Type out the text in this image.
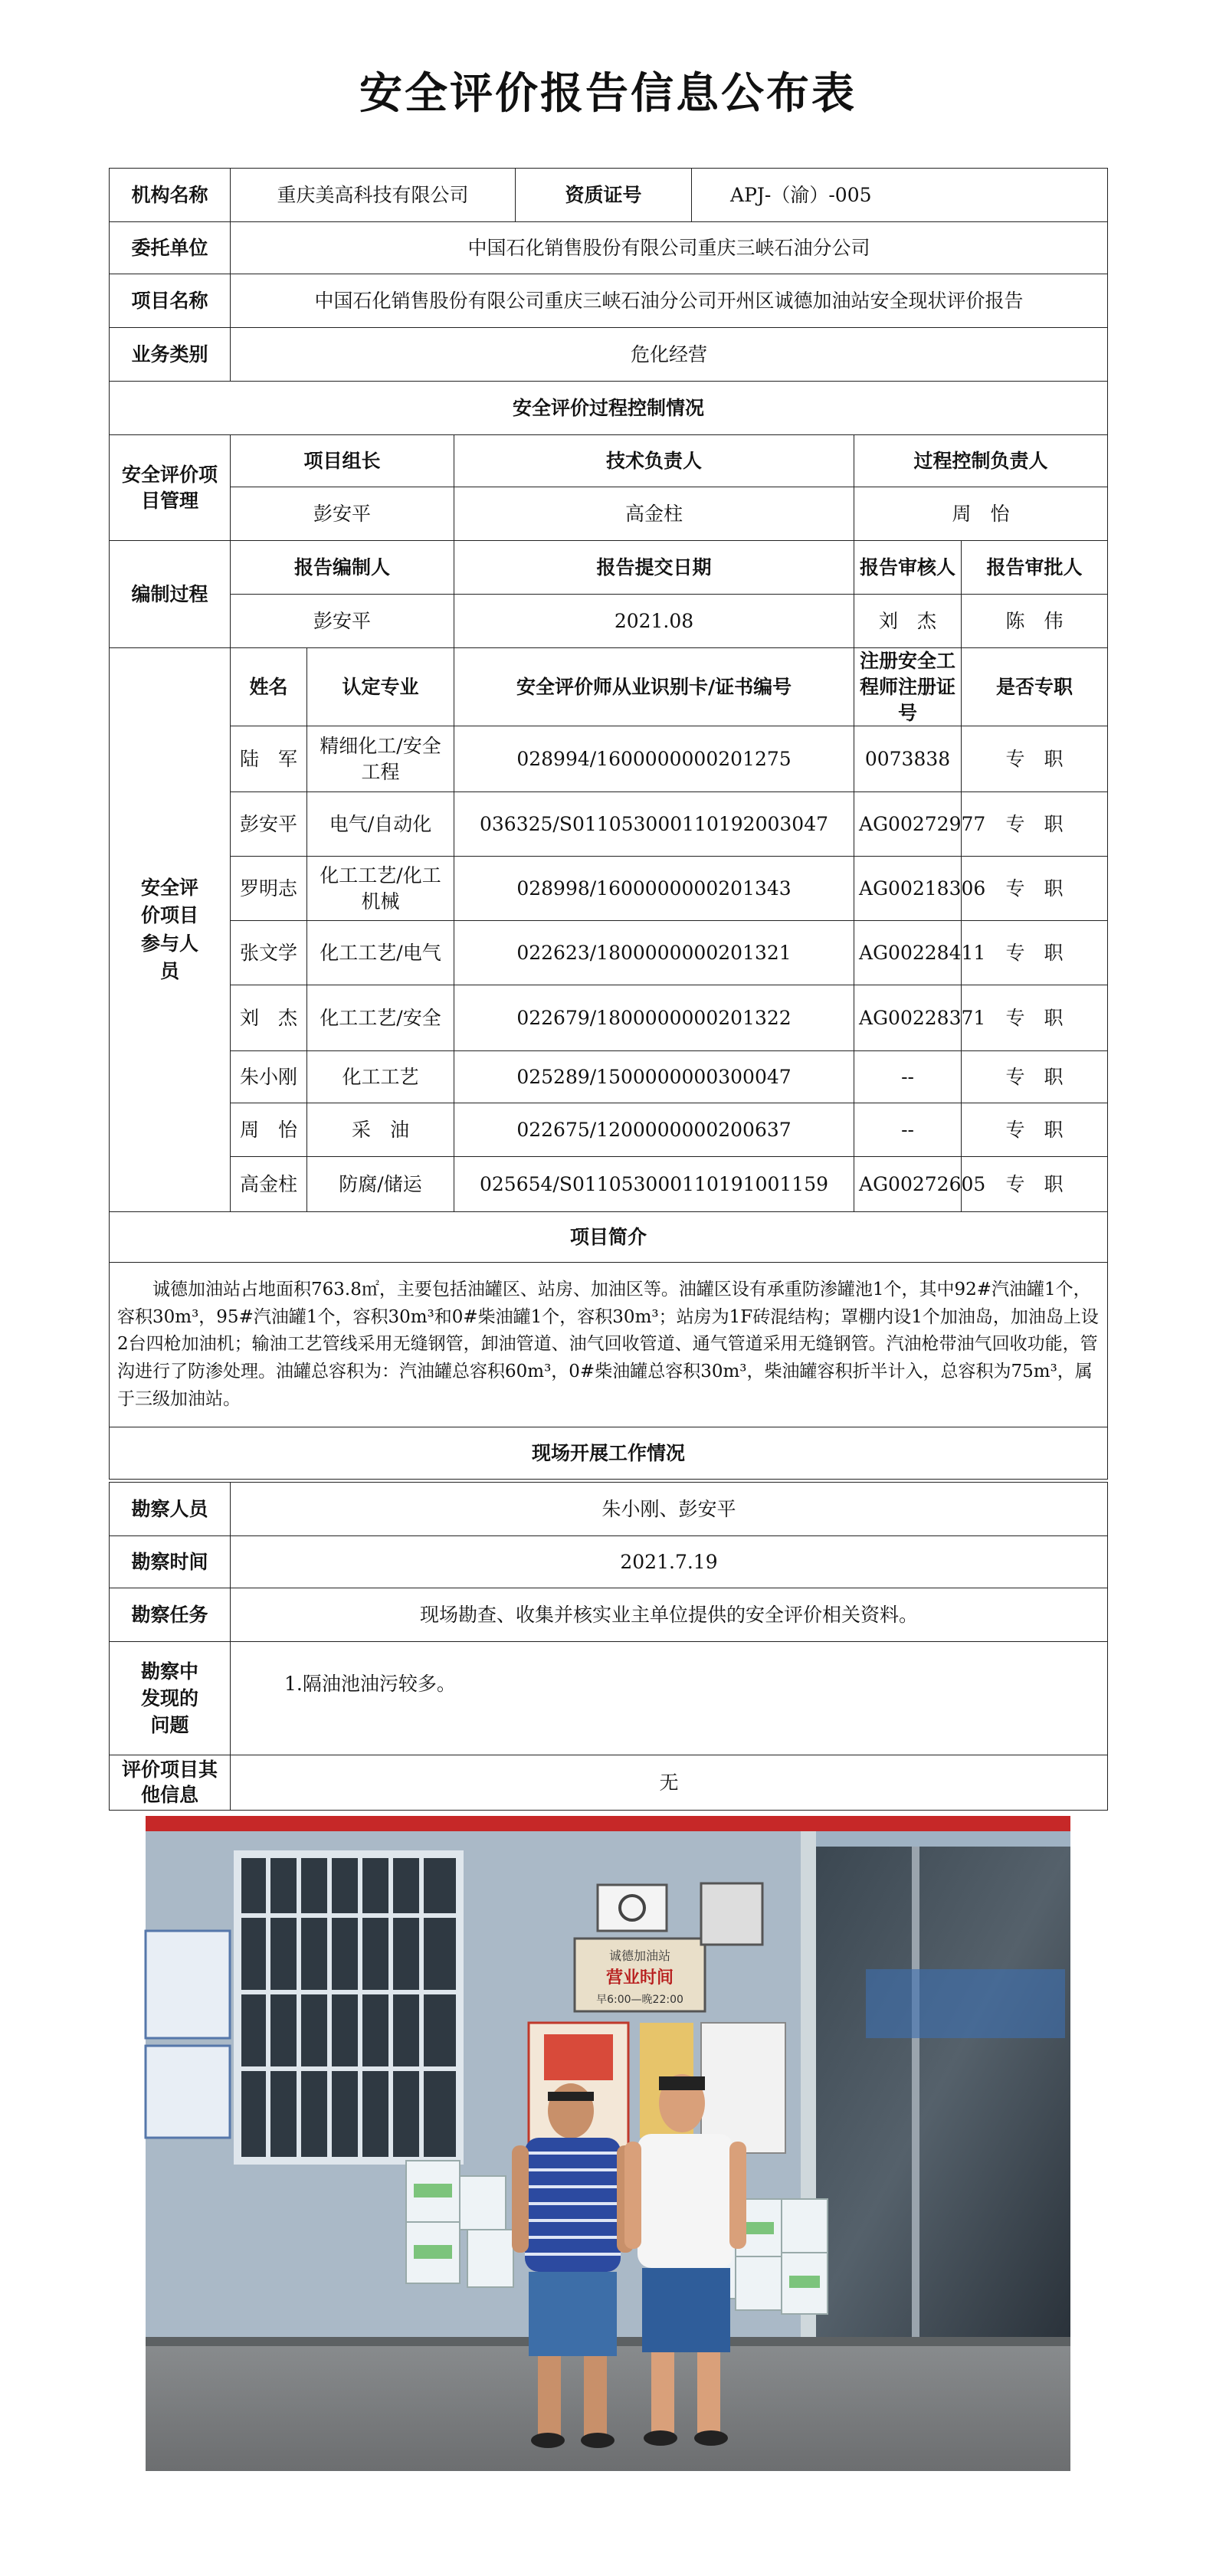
安全评价报告信息公布表
机构名称	重庆美高科技有限公司			资质证号	APJ-（渝）-005		
委托单位	中国石化销售股份有限公司重庆三峡石油分公司						
项目名称	中国石化销售股份有限公司重庆三峡石油分公司开州区诚德加油站安全现状评价报告						
业务类别	危化经营						
安全评价过程控制情况							
安全评价项目管理	项目组长		技术负责人			过程控制负责人	
	彭安平		高金柱			周　怡	
编制过程	报告编制人		报告提交日期			报告审核人	报告审批人
	彭安平		2021.08			刘　杰	陈　伟
安全评价项目参与人员	姓名	认定专业	安全评价师从业识别卡/证书编号			注册安全工程师注册证号	是否专职
	陆　军	精细化工/安全工程	028994/1600000000201275			0073838	专　职
	彭安平	电气/自动化	036325/S011053000110192003047			AG00272977	专　职
	罗明志	化工工艺/化工机械	028998/1600000000201343			AG00218306	专　职
	张文学	化工工艺/电气	022623/1800000000201321			AG00228411	专　职
	刘　杰	化工工艺/安全	022679/1800000000201322			AG00228371	专　职
	朱小刚	化工工艺	025289/1500000000300047			--	专　职
	周　怡	采　油	022675/1200000000200637			--	专　职
	高金柱	防腐/储运	025654/S011053000110191001159			AG00272605	专　职
项目简介							

诚德加油站占地面积763.8㎡，主要包括油罐区、站房、加油区等。油罐区设有承重防渗罐池1个，其中92#汽油罐1个，容积30m³，95#汽油罐1个，容积30m³和0#柴油罐1个，容积30m³；站房为1F砖混结构；罩棚内设1个加油岛，加油岛上设2台四枪加油机；输油工艺管线采用无缝钢管，卸油管道、油气回收管道、通气管道采用无缝钢管。汽油枪带油气回收功能，管沟进行了防渗处理。油罐总容积为：汽油罐总容积60m³，0#柴油罐总容积30m³，柴油罐容积折半计入，总容积为75m³，属于三级加油站。							

现场开展工作情况							
勘察人员	朱小刚、彭安平
勘察时间	2021.7.19
勘察任务	现场勘查、收集并核实业主单位提供的安全评价相关资料。
勘察中发现的问题	1.隔油池油污较多。
评价项目其他信息	无
诚德加油站
营业时间
早6:00—晚22:00
